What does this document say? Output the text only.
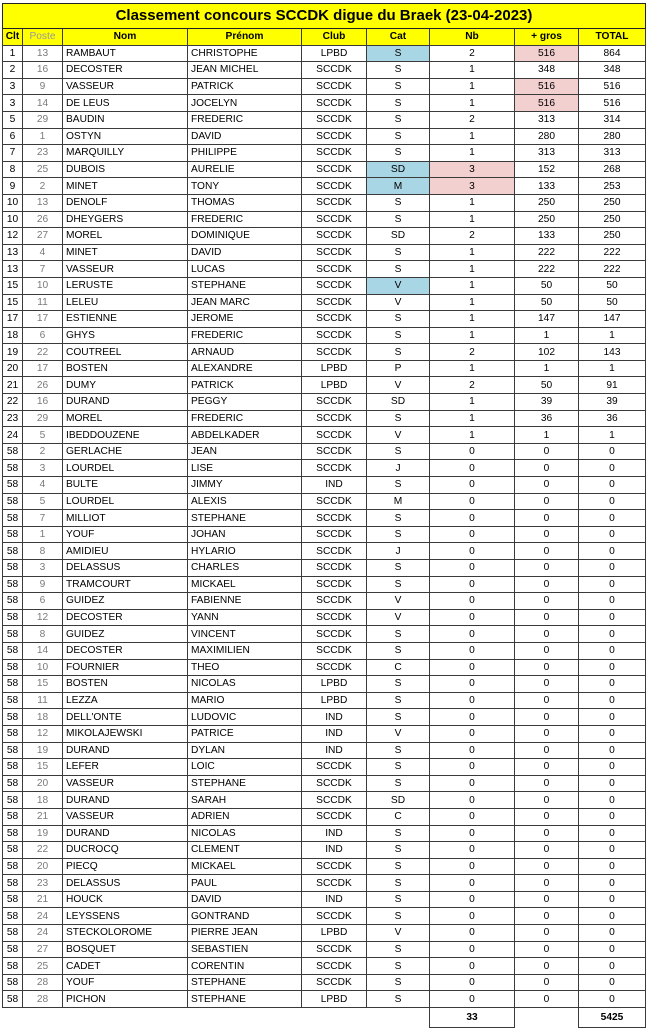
Classement concours SCCDK digue du Braek (23-04-2023)								
Clt	Poste	Nom	Prénom	Club	Cat	Nb	+ gros	TOTAL
1	13	RAMBAUT	CHRISTOPHE	LPBD	S	2	516	864
2	16	DECOSTER	JEAN MICHEL	SCCDK	S	1	348	348
3	9	VASSEUR	PATRICK	SCCDK	S	1	516	516
3	14	DE LEUS	JOCELYN	SCCDK	S	1	516	516
5	29	BAUDIN	FREDERIC	SCCDK	S	2	313	314
6	1	OSTYN	DAVID	SCCDK	S	1	280	280
7	23	MARQUILLY	PHILIPPE	SCCDK	S	1	313	313
8	25	DUBOIS	AURELIE	SCCDK	SD	3	152	268
9	2	MINET	TONY	SCCDK	M	3	133	253
10	13	DENOLF	THOMAS	SCCDK	S	1	250	250
10	26	DHEYGERS	FREDERIC	SCCDK	S	1	250	250
12	27	MOREL	DOMINIQUE	SCCDK	SD	2	133	250
13	4	MINET	DAVID	SCCDK	S	1	222	222
13	7	VASSEUR	LUCAS	SCCDK	S	1	222	222
15	10	LERUSTE	STEPHANE	SCCDK	V	1	50	50
15	11	LELEU	JEAN MARC	SCCDK	V	1	50	50
17	17	ESTIENNE	JEROME	SCCDK	S	1	147	147
18	6	GHYS	FREDERIC	SCCDK	S	1	1	1
19	22	COUTREEL	ARNAUD	SCCDK	S	2	102	143
20	17	BOSTEN	ALEXANDRE	LPBD	P	1	1	1
21	26	DUMY	PATRICK	LPBD	V	2	50	91
22	16	DURAND	PEGGY	SCCDK	SD	1	39	39
23	29	MOREL	FREDERIC	SCCDK	S	1	36	36
24	5	IBEDDOUZENE	ABDELKADER	SCCDK	V	1	1	1
58	2	GERLACHE	JEAN	SCCDK	S	0	0	0
58	3	LOURDEL	LISE	SCCDK	J	0	0	0
58	4	BULTE	JIMMY	IND	S	0	0	0
58	5	LOURDEL	ALEXIS	SCCDK	M	0	0	0
58	7	MILLIOT	STEPHANE	SCCDK	S	0	0	0
58	1	YOUF	JOHAN	SCCDK	S	0	0	0
58	8	AMIDIEU	HYLARIO	SCCDK	J	0	0	0
58	3	DELASSUS	CHARLES	SCCDK	S	0	0	0
58	9	TRAMCOURT	MICKAEL	SCCDK	S	0	0	0
58	6	GUIDEZ	FABIENNE	SCCDK	V	0	0	0
58	12	DECOSTER	YANN	SCCDK	V	0	0	0
58	8	GUIDEZ	VINCENT	SCCDK	S	0	0	0
58	14	DECOSTER	MAXIMILIEN	SCCDK	S	0	0	0
58	10	FOURNIER	THEO	SCCDK	C	0	0	0
58	15	BOSTEN	NICOLAS	LPBD	S	0	0	0
58	11	LEZZA	MARIO	LPBD	S	0	0	0
58	18	DELL'ONTE	LUDOVIC	IND	S	0	0	0
58	12	MIKOLAJEWSKI	PATRICE	IND	V	0	0	0
58	19	DURAND	DYLAN	IND	S	0	0	0
58	15	LEFER	LOIC	SCCDK	S	0	0	0
58	20	VASSEUR	STEPHANE	SCCDK	S	0	0	0
58	18	DURAND	SARAH	SCCDK	SD	0	0	0
58	21	VASSEUR	ADRIEN	SCCDK	C	0	0	0
58	19	DURAND	NICOLAS	IND	S	0	0	0
58	22	DUCROCQ	CLEMENT	IND	S	0	0	0
58	20	PIECQ	MICKAEL	SCCDK	S	0	0	0
58	23	DELASSUS	PAUL	SCCDK	S	0	0	0
58	21	HOUCK	DAVID	IND	S	0	0	0
58	24	LEYSSENS	GONTRAND	SCCDK	S	0	0	0
58	24	STECKOLOROME	PIERRE JEAN	LPBD	V	0	0	0
58	27	BOSQUET	SEBASTIEN	SCCDK	S	0	0	0
58	25	CADET	CORENTIN	SCCDK	S	0	0	0
58	28	YOUF	STEPHANE	SCCDK	S	0	0	0
58	28	PICHON	STEPHANE	LPBD	S	0	0	0
						33		5425
